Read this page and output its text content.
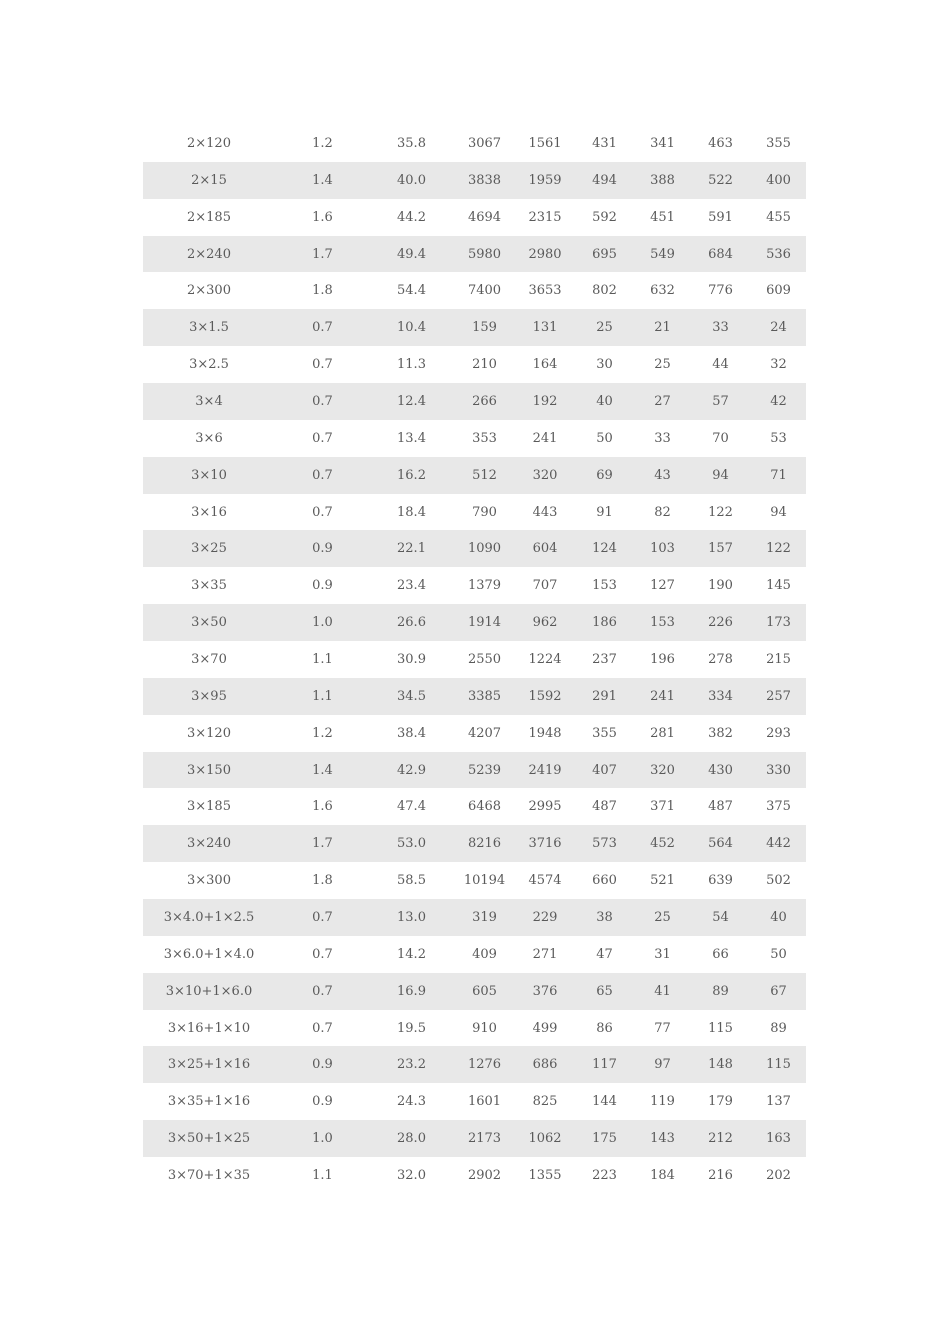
2×120	1.2	35.8	3067	1561	431	341	463	355
2×15	1.4	40.0	3838	1959	494	388	522	400
2×185	1.6	44.2	4694	2315	592	451	591	455
2×240	1.7	49.4	5980	2980	695	549	684	536
2×300	1.8	54.4	7400	3653	802	632	776	609
3×1.5	0.7	10.4	159	131	25	21	33	24
3×2.5	0.7	11.3	210	164	30	25	44	32
3×4	0.7	12.4	266	192	40	27	57	42
3×6	0.7	13.4	353	241	50	33	70	53
3×10	0.7	16.2	512	320	69	43	94	71
3×16	0.7	18.4	790	443	91	82	122	94
3×25	0.9	22.1	1090	604	124	103	157	122
3×35	0.9	23.4	1379	707	153	127	190	145
3×50	1.0	26.6	1914	962	186	153	226	173
3×70	1.1	30.9	2550	1224	237	196	278	215
3×95	1.1	34.5	3385	1592	291	241	334	257
3×120	1.2	38.4	4207	1948	355	281	382	293
3×150	1.4	42.9	5239	2419	407	320	430	330
3×185	1.6	47.4	6468	2995	487	371	487	375
3×240	1.7	53.0	8216	3716	573	452	564	442
3×300	1.8	58.5	10194	4574	660	521	639	502
3×4.0+1×2.5	0.7	13.0	319	229	38	25	54	40
3×6.0+1×4.0	0.7	14.2	409	271	47	31	66	50
3×10+1×6.0	0.7	16.9	605	376	65	41	89	67
3×16+1×10	0.7	19.5	910	499	86	77	115	89
3×25+1×16	0.9	23.2	1276	686	117	97	148	115
3×35+1×16	0.9	24.3	1601	825	144	119	179	137
3×50+1×25	1.0	28.0	2173	1062	175	143	212	163
3×70+1×35	1.1	32.0	2902	1355	223	184	216	202
